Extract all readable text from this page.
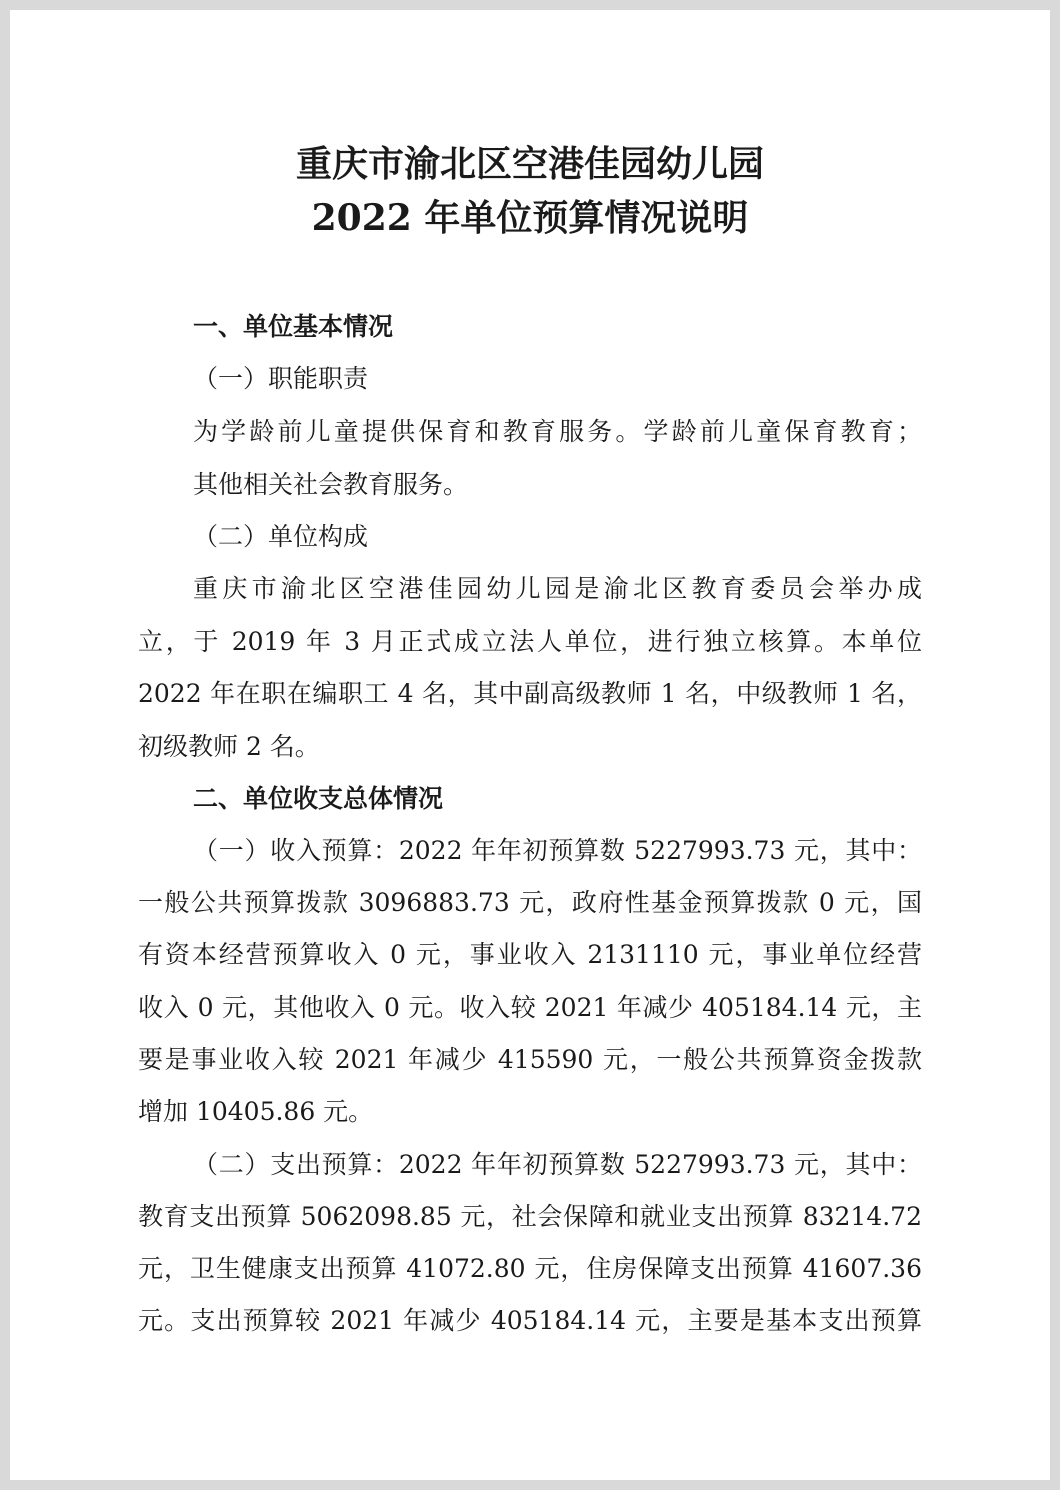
重庆市渝北区空港佳园幼儿园
2022 年单位预算情况说明

一、单位基本情况

（一）职能职责

为学龄前儿童提供保育和教育服务。学龄前儿童保育教育；

其他相关社会教育服务。

（二）单位构成

重庆市渝北区空港佳园幼儿园是渝北区教育委员会举办成

立，于 2019 年 3 月正式成立法人单位，进行独立核算。本单位

2022 年在职在编职工 4 名，其中副高级教师 1 名，中级教师 1 名，

初级教师 2 名。

二、单位收支总体情况

（一）收入预算：2022 年年初预算数 5227993.73 元，其中：

一般公共预算拨款 3096883.73 元，政府性基金预算拨款 0 元，国

有资本经营预算收入 0 元，事业收入 2131110 元，事业单位经营

收入 0 元，其他收入 0 元。收入较 2021 年减少 405184.14 元，主

要是事业收入较 2021 年减少 415590 元，一般公共预算资金拨款

增加 10405.86 元。

（二）支出预算：2022 年年初预算数 5227993.73 元，其中：

教育支出预算 5062098.85 元，社会保障和就业支出预算 83214.72

元，卫生健康支出预算 41072.80 元，住房保障支出预算 41607.36

元。支出预算较 2021 年减少 405184.14 元，主要是基本支出预算
